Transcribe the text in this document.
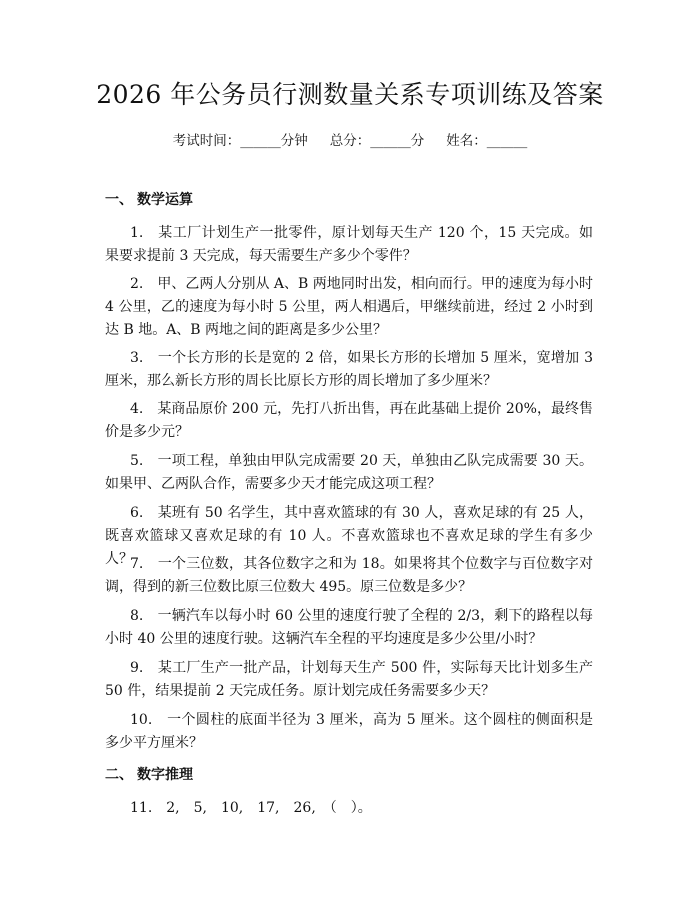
2026 年公务员行测数量关系专项训练及答案
考试时间：______分钟 总分：______分 姓名：______
一、 数学运算
1.　某工厂计划生产一批零件，原计划每天生产 120 个，15 天完成。如果要求提前 3 天完成，每天需要生产多少个零件？
2.　甲、乙两人分别从 A、B 两地同时出发，相向而行。甲的速度为每小时 4 公里，乙的速度为每小时 5 公里，两人相遇后，甲继续前进，经过 2 小时到达 B 地。A、B 两地之间的距离是多少公里？
3.　一个长方形的长是宽的 2 倍，如果长方形的长增加 5 厘米，宽增加 3 厘米，那么新长方形的周长比原长方形的周长增加了多少厘米？
4.　某商品原价 200 元，先打八折出售，再在此基础上提价 20%，最终售价是多少元？
5.　一项工程，单独由甲队完成需要 20 天，单独由乙队完成需要 30 天。如果甲、乙两队合作，需要多少天才能完成这项工程？
6.　某班有 50 名学生，其中喜欢篮球的有 30 人，喜欢足球的有 25 人，既喜欢篮球又喜欢足球的有 10 人。不喜欢篮球也不喜欢足球的学生有多少人？
7.　一个三位数，其各位数字之和为 18。如果将其个位数字与百位数字对调，得到的新三位数比原三位数大 495。原三位数是多少？
8.　一辆汽车以每小时 60 公里的速度行驶了全程的 2/3，剩下的路程以每小时 40 公里的速度行驶。这辆汽车全程的平均速度是多少公里/小时？
9.　某工厂生产一批产品，计划每天生产 500 件，实际每天比计划多生产 50 件，结果提前 2 天完成任务。原计划完成任务需要多少天？
10.　一个圆柱的底面半径为 3 厘米，高为 5 厘米。这个圆柱的侧面积是多少平方厘米？
二、 数字推理
11.　2,　5,　10,　17,　26,　（　）。
